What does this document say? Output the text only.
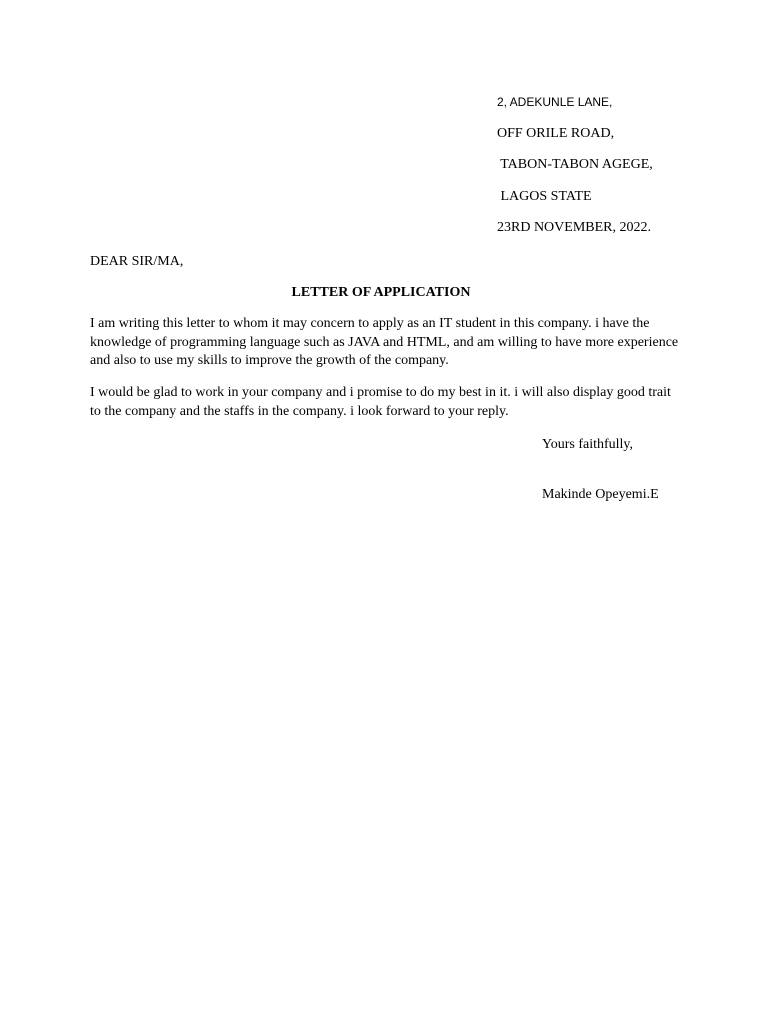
2, ADEKUNLE LANE,
OFF ORILE ROAD,
TABON-TABON AGEGE,
LAGOS STATE
23RD NOVEMBER, 2022.
DEAR SIR/MA,
LETTER OF APPLICATION

I am writing this letter to whom it may concern to apply as an IT student in this company. i have the knowledge of programming language such as JAVA and HTML, and am willing to have more experience and also to use my skills to improve the growth of the company.

I would be glad to work in your company and i promise to do my best in it. i will also display good trait to the company and the staffs in the company. i look forward to your reply.

Yours faithfully,
Makinde Opeyemi.E
